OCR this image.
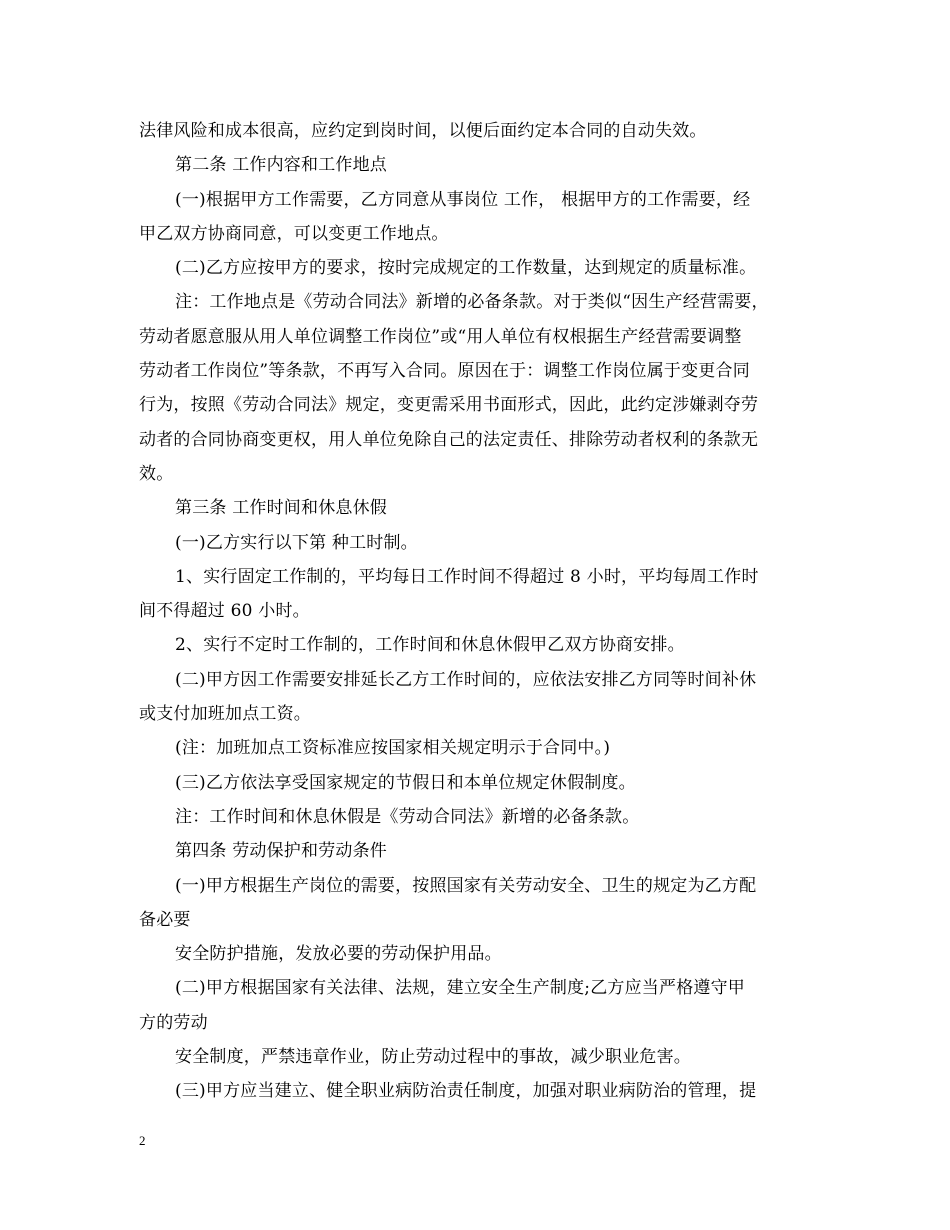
法律风险和成本很高，应约定到岗时间，以便后面约定本合同的自动失效。
第二条 工作内容和工作地点
(一)根据甲方工作需要，乙方同意从事岗位 工作， 根据甲方的工作需要，经
甲乙双方协商同意，可以变更工作地点。
(二)乙方应按甲方的要求，按时完成规定的工作数量，达到规定的质量标准。
注：工作地点是《劳动合同法》新增的必备条款。对于类似“因生产经营需要，
劳动者愿意服从用人单位调整工作岗位”或“用人单位有权根据生产经营需要调整
劳动者工作岗位”等条款，不再写入合同。原因在于：调整工作岗位属于变更合同
行为，按照《劳动合同法》规定，变更需采用书面形式，因此，此约定涉嫌剥夺劳
动者的合同协商变更权，用人单位免除自己的法定责任、排除劳动者权利的条款无
效。
第三条 工作时间和休息休假
(一)乙方实行以下第 种工时制。
1、实行固定工作制的，平均每日工作时间不得超过 8 小时，平均每周工作时
间不得超过 60 小时。
2、实行不定时工作制的，工作时间和休息休假甲乙双方协商安排。
(二)甲方因工作需要安排延长乙方工作时间的，应依法安排乙方同等时间补休
或支付加班加点工资。
(注：加班加点工资标准应按国家相关规定明示于合同中。)
(三)乙方依法享受国家规定的节假日和本单位规定休假制度。
注：工作时间和休息休假是《劳动合同法》新增的必备条款。
第四条 劳动保护和劳动条件
(一)甲方根据生产岗位的需要，按照国家有关劳动安全、卫生的规定为乙方配
备必要
安全防护措施，发放必要的劳动保护用品。
(二)甲方根据国家有关法律、法规，建立安全生产制度;乙方应当严格遵守甲
方的劳动
安全制度，严禁违章作业，防止劳动过程中的事故，减少职业危害。
(三)甲方应当建立、健全职业病防治责任制度，加强对职业病防治的管理，提
2
